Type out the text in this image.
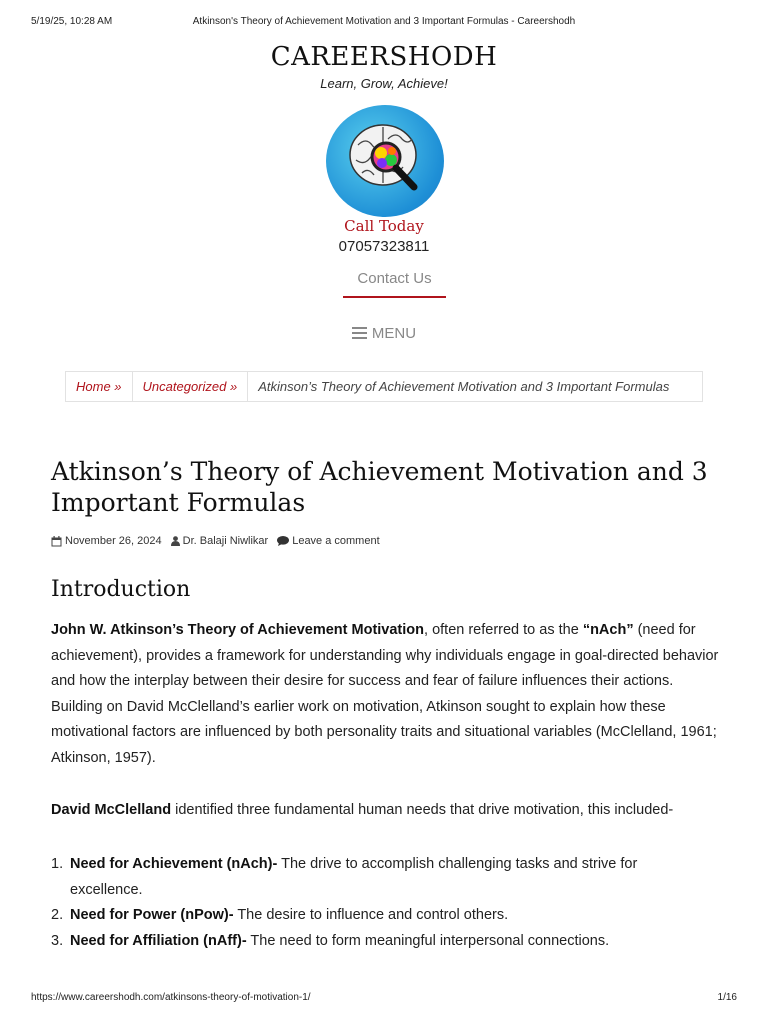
5/19/25, 10:28 AM	Atkinson's Theory of Achievement Motivation and 3 Important Formulas - Careershodh
CAREERSHODH
Learn, Grow, Achieve!
Call Today
07057323811
Contact Us
MENU
Home » Uncategorized »	Atkinson’s Theory of Achievement Motivation and 3 Important Formulas
Atkinson’s Theory of Achievement Motivation and 3 Important Formulas
November 26, 2024 Dr. Balaji Niwlikar Leave a comment
Introduction

John W. Atkinson’s Theory of Achievement Motivation, often referred to as the “nAch” (need for achievement), provides a framework for understanding why individuals engage in goal-directed behavior and how the interplay between their desire for success and fear of failure influences their actions. Building on David McClelland’s earlier work on motivation, Atkinson sought to explain how these motivational factors are influenced by both personality traits and situational variables (McClelland, 1961; Atkinson, 1957).

David McClelland identified three fundamental human needs that drive motivation, this included-

1. Need for Achievement (nAch)- The drive to accomplish challenging tasks and strive for excellence.
2. Need for Power (nPow)- The desire to influence and control others.
3. Need for Affiliation (nAff)- The need to form meaningful interpersonal connections.
https://www.careershodh.com/atkinsons-theory-of-motivation-1/	1/16
